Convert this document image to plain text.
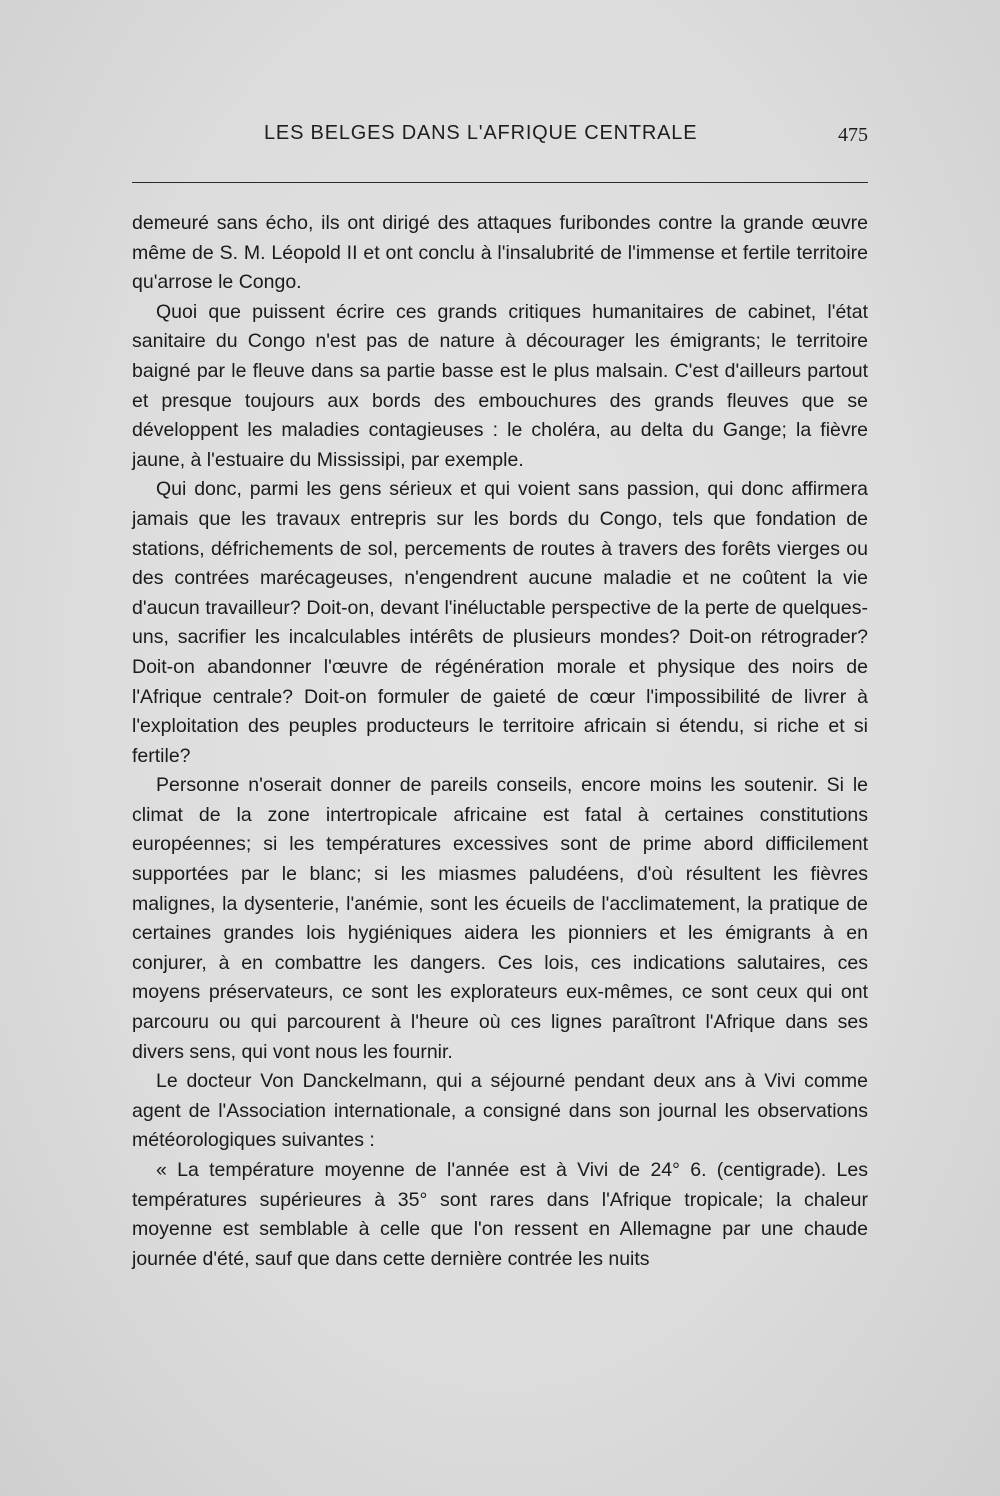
LES BELGES DANS L'AFRIQUE CENTRALE	475

demeuré sans écho, ils ont dirigé des attaques furibondes contre la grande œuvre même de S. M. Léopold II et ont conclu à l'insalubrité de l'immense et fertile territoire qu'arrose le Congo.

Quoi que puissent écrire ces grands critiques humanitaires de cabinet, l'état sanitaire du Congo n'est pas de nature à décourager les émigrants; le territoire baigné par le fleuve dans sa partie basse est le plus malsain. C'est d'ailleurs partout et presque toujours aux bords des embouchures des grands fleuves que se développent les maladies contagieuses : le choléra, au delta du Gange; la fièvre jaune, à l'estuaire du Mississipi, par exemple.

Qui donc, parmi les gens sérieux et qui voient sans passion, qui donc affirmera jamais que les travaux entrepris sur les bords du Congo, tels que fondation de stations, défrichements de sol, percements de routes à travers des forêts vierges ou des contrées marécageuses, n'engendrent aucune maladie et ne coûtent la vie d'aucun travailleur? Doit-on, devant l'inéluctable perspective de la perte de quelques-uns, sacrifier les incalculables intérêts de plusieurs mondes? Doit-on rétrograder? Doit-on abandonner l'œuvre de régénération morale et physique des noirs de l'Afrique centrale? Doit-on formuler de gaieté de cœur l'impossibilité de livrer à l'exploitation des peuples producteurs le territoire africain si étendu, si riche et si fertile?

Personne n'oserait donner de pareils conseils, encore moins les soutenir. Si le climat de la zone intertropicale africaine est fatal à certaines constitutions européennes; si les températures excessives sont de prime abord difficilement supportées par le blanc; si les miasmes paludéens, d'où résultent les fièvres malignes, la dysenterie, l'anémie, sont les écueils de l'acclimatement, la pratique de certaines grandes lois hygiéniques aidera les pionniers et les émigrants à en conjurer, à en combattre les dangers. Ces lois, ces indications salutaires, ces moyens préservateurs, ce sont les explorateurs eux-mêmes, ce sont ceux qui ont parcouru ou qui parcourent à l'heure où ces lignes paraîtront l'Afrique dans ses divers sens, qui vont nous les fournir.

Le docteur Von Danckelmann, qui a séjourné pendant deux ans à Vivi comme agent de l'Association internationale, a consigné dans son journal les observations météorologiques suivantes :

« La température moyenne de l'année est à Vivi de 24° 6. (centigrade). Les températures supérieures à 35° sont rares dans l'Afrique tropicale; la chaleur moyenne est semblable à celle que l'on ressent en Allemagne par une chaude journée d'été, sauf que dans cette dernière contrée les nuits
